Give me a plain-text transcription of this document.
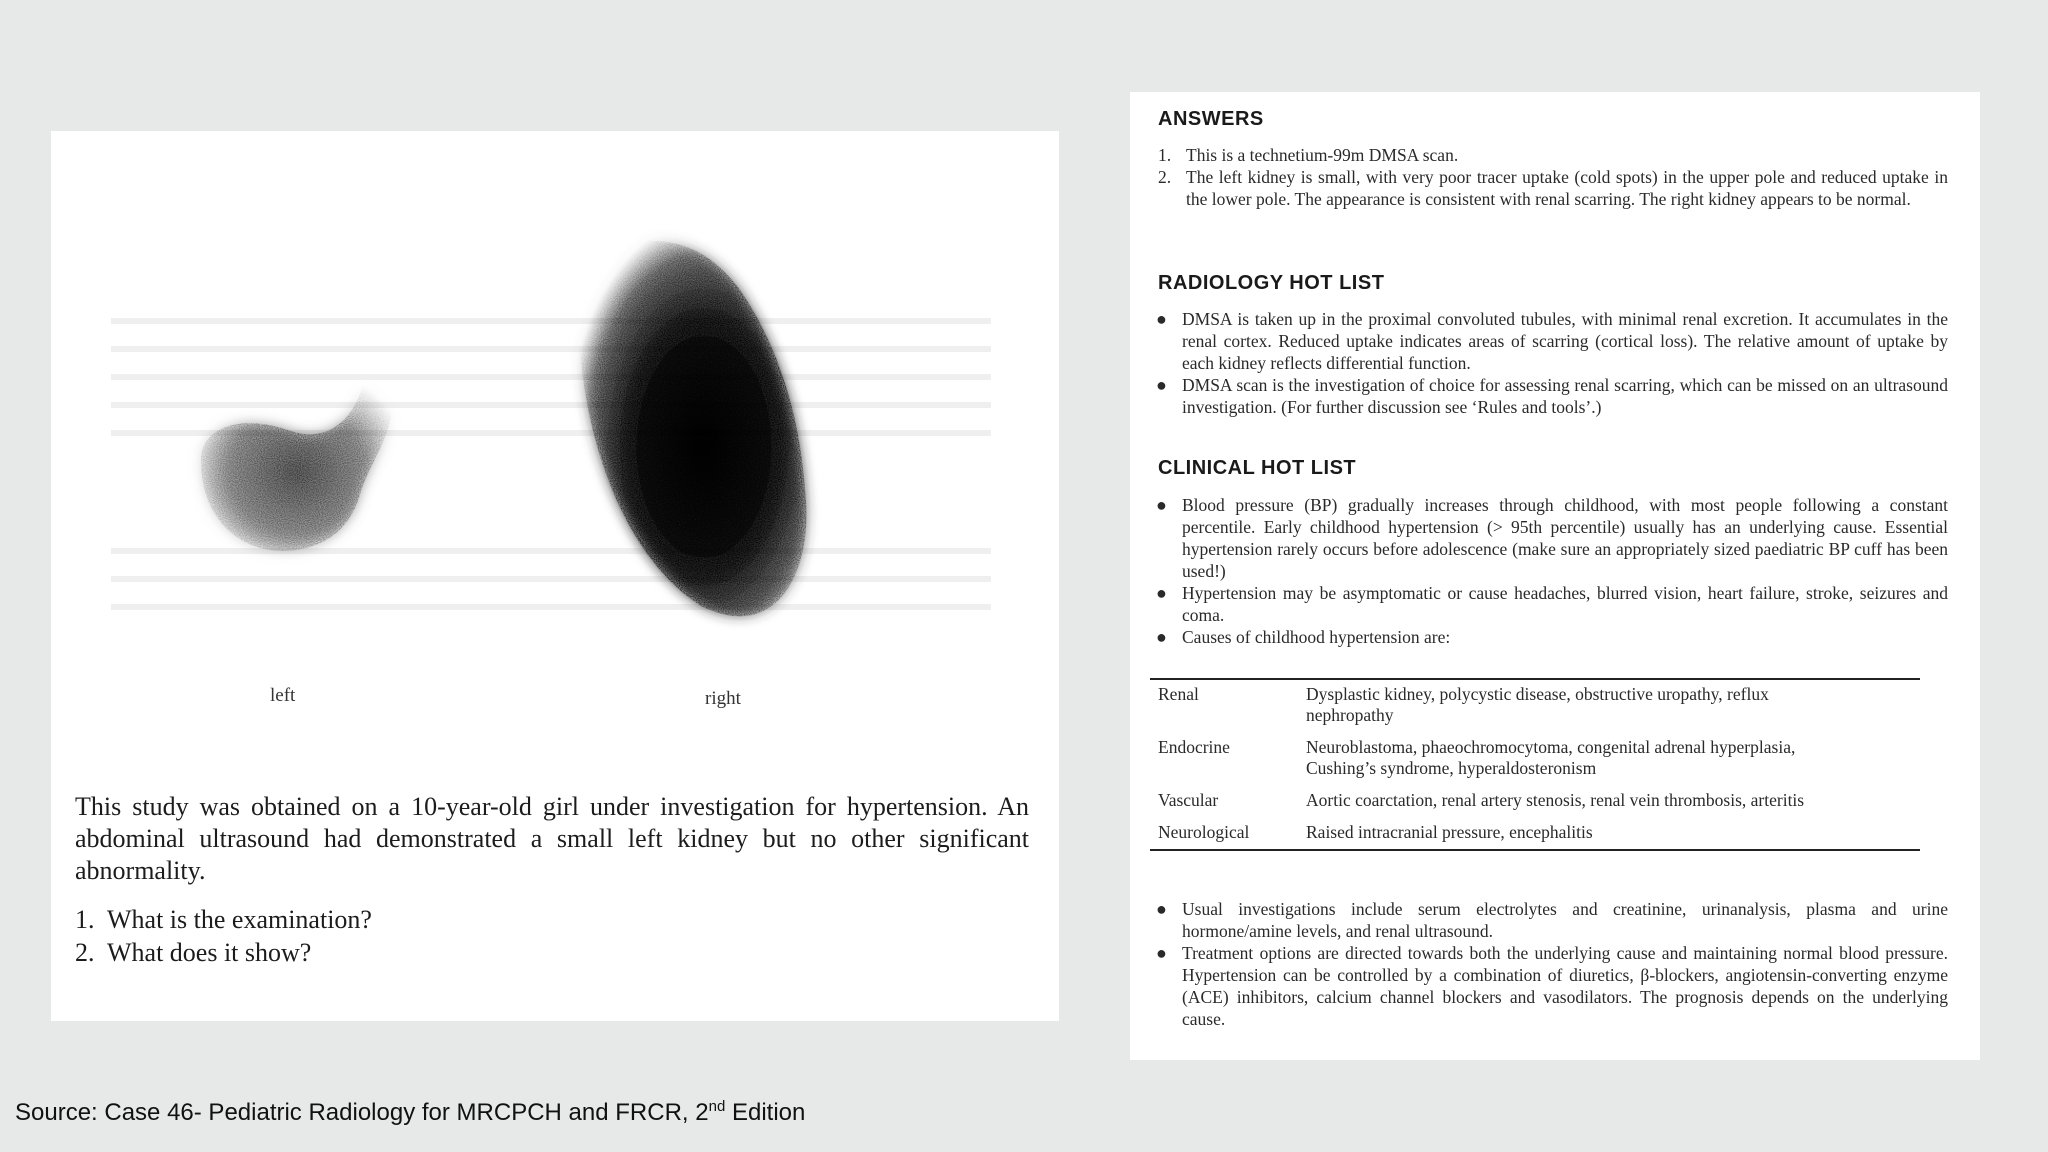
left	right
This study was obtained on a 10-year-old girl under investigation for hypertension. An abdominal ultrasound had demonstrated a small left kidney but no other significant abnormality.
1. What is the examination?
2. What does it show?
ANSWERS
1. This is a technetium-99m DMSA scan.
2. The left kidney is small, with very poor tracer uptake (cold spots) in the upper pole and reduced uptake in the lower pole. The appearance is consistent with renal scarring. The right kidney appears to be normal.
RADIOLOGY HOT LIST
● DMSA is taken up in the proximal convoluted tubules, with minimal renal excretion. It accumulates in the renal cortex. Reduced uptake indicates areas of scarring (cortical loss). The relative amount of uptake by each kidney reflects differential function.
● DMSA scan is the investigation of choice for assessing renal scarring, which can be missed on an ultrasound investigation. (For further discussion see ‘Rules and tools’.)
CLINICAL HOT LIST
● Blood pressure (BP) gradually increases through childhood, with most people following a constant percentile. Early childhood hypertension (> 95th percentile) usually has an underlying cause. Essential hypertension rarely occurs before adolescence (make sure an appropriately sized paediatric BP cuff has been used!)
● Hypertension may be asymptomatic or cause headaches, blurred vision, heart failure, stroke, seizures and coma.
● Causes of childhood hypertension are:
Renal	Dysplastic kidney, polycystic disease, obstructive uropathy, reflux nephropathy
Endocrine	Neuroblastoma, phaeochromocytoma, congenital adrenal hyperplasia, Cushing’s syndrome, hyperaldosteronism
Vascular	Aortic coarctation, renal artery stenosis, renal vein thrombosis, arteritis
Neurological	Raised intracranial pressure, encephalitis
● Usual investigations include serum electrolytes and creatinine, urinanalysis, plasma and urine hormone/amine levels, and renal ultrasound.
● Treatment options are directed towards both the underlying cause and maintaining normal blood pressure. Hypertension can be controlled by a combination of diuretics, β-blockers, angiotensin-converting enzyme (ACE) inhibitors, calcium channel blockers and vasodilators. The prognosis depends on the underlying cause.
Source: Case 46- Pediatric Radiology for MRCPCH and FRCR, 2nd Edition
